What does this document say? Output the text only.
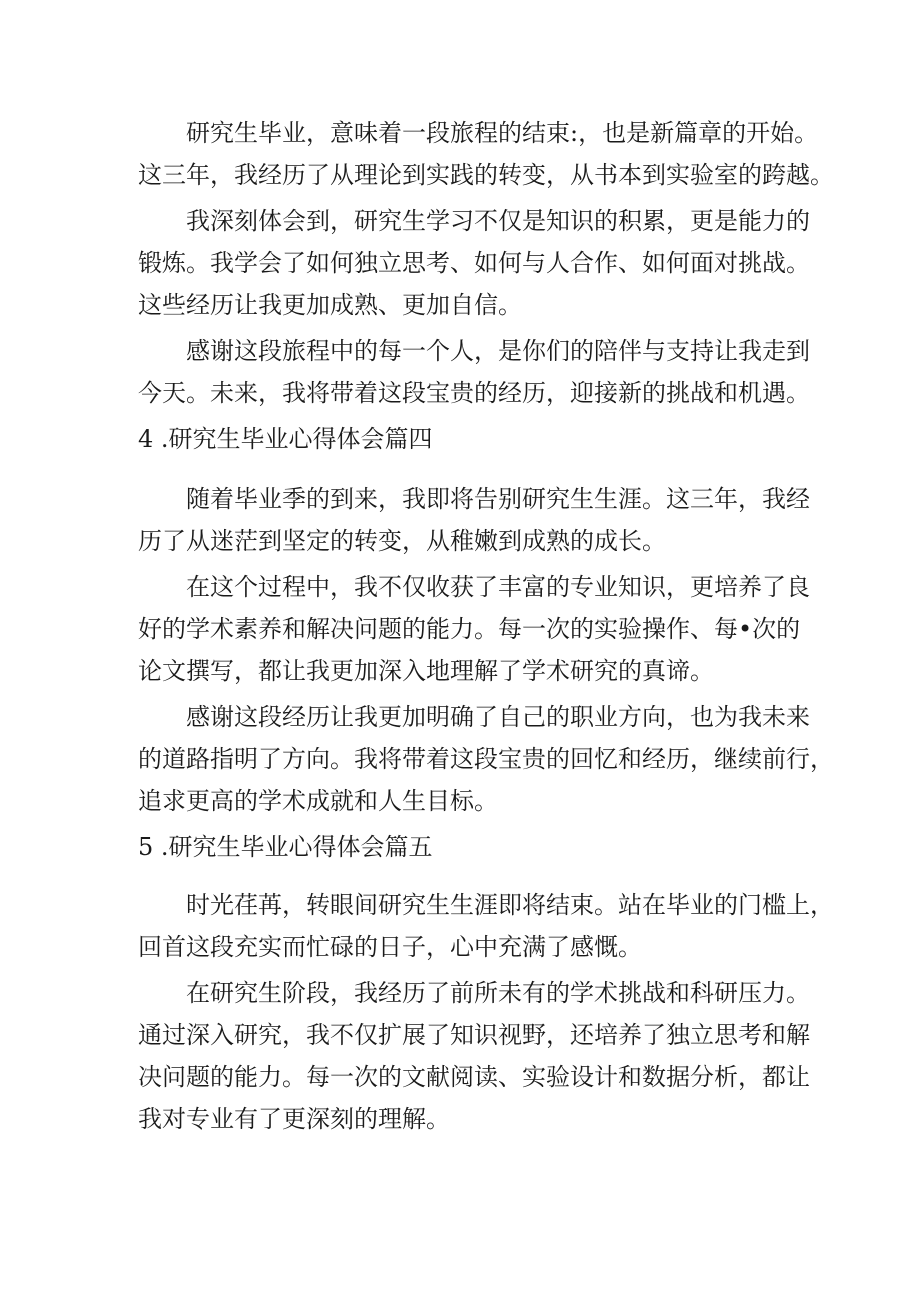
研究生毕业，意味着一段旅程的结束:，也是新篇章的开始。
这三年，我经历了从理论到实践的转变，从书本到实验室的跨越。
我深刻体会到，研究生学习不仅是知识的积累，更是能力的
锻炼。我学会了如何独立思考、如何与人合作、如何面对挑战。
这些经历让我更加成熟、更加自信。
感谢这段旅程中的每一个人，是你们的陪伴与支持让我走到
今天。未来，我将带着这段宝贵的经历，迎接新的挑战和机遇。
4 .研究生毕业心得体会篇四
随着毕业季的到来，我即将告别研究生生涯。这三年，我经
历了从迷茫到坚定的转变，从稚嫩到成熟的成长。
在这个过程中，我不仅收获了丰富的专业知识，更培养了良
好的学术素养和解决问题的能力。每一次的实验操作、每•次的
论文撰写，都让我更加深入地理解了学术研究的真谛。
感谢这段经历让我更加明确了自己的职业方向，也为我未来
的道路指明了方向。我将带着这段宝贵的回忆和经历，继续前行，
追求更高的学术成就和人生目标。
5 .研究生毕业心得体会篇五
时光荏苒，转眼间研究生生涯即将结束。站在毕业的门槛上，
回首这段充实而忙碌的日子，心中充满了感慨。
在研究生阶段，我经历了前所未有的学术挑战和科研压力。
通过深入研究，我不仅扩展了知识视野，还培养了独立思考和解
决问题的能力。每一次的文献阅读、实验设计和数据分析，都让
我对专业有了更深刻的理解。
